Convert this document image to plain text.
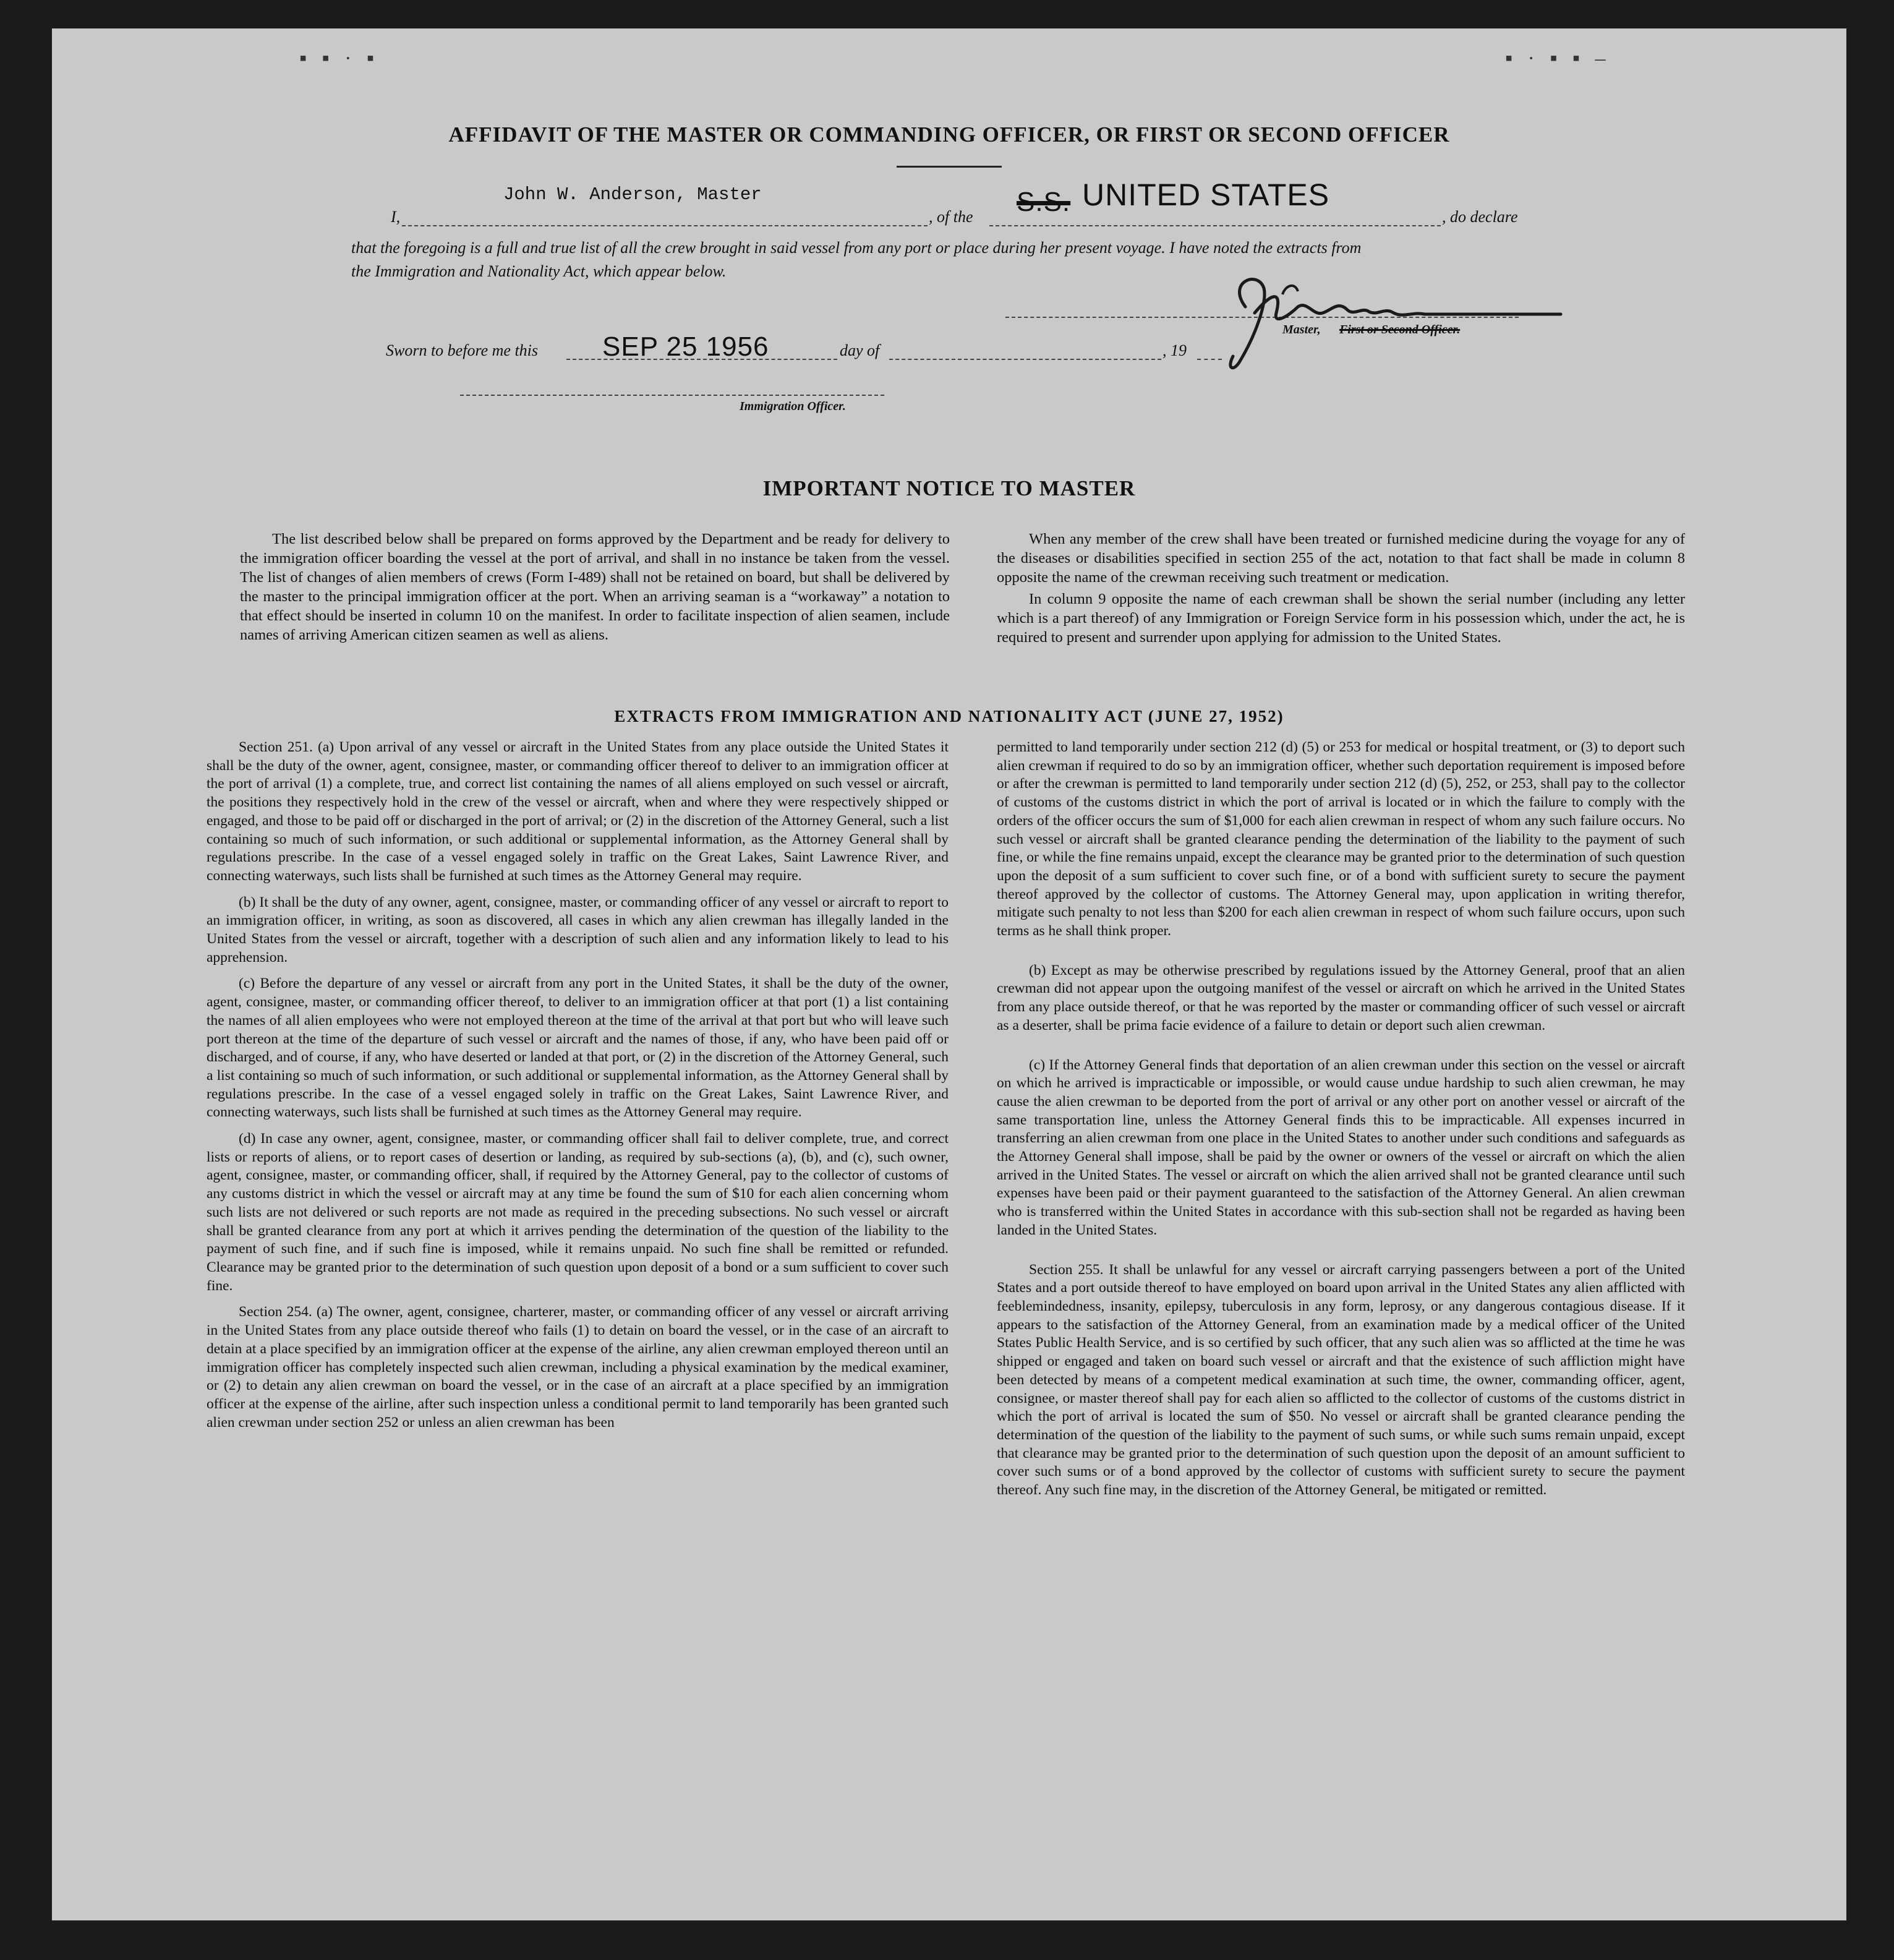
▪ ▪ · ▪	▪ · ▪ ▪ –
AFFIDAVIT OF THE MASTER OR COMMANDING OFFICER, OR FIRST OR SECOND OFFICER
I,
John W. Anderson, Master
, of the S.S. UNITED STATES
, do declare
that the foregoing is a full and true list of all the crew brought in said vessel from any port or place during her present voyage. I have noted the extracts from
the Immigration and Nationality Act, which appear below.
Master, First or Second Officer.
Sworn to before me this SEP 25 1956	day of	, 19
Immigration Officer.
IMPORTANT NOTICE TO MASTER

The list described below shall be prepared on forms approved by the Department and be ready for delivery to the immigration officer boarding the vessel at the port of arrival, and shall in no instance be taken from the vessel. The list of changes of alien members of crews (Form I-489) shall not be retained on board, but shall be delivered by the master to the principal immigration officer at the port. When an arriving seaman is a “workaway” a notation to that effect should be inserted in column 10 on the manifest. In order to facilitate inspection of alien seamen, include names of arriving American citizen seamen as well as aliens.

When any member of the crew shall have been treated or furnished medicine during the voyage for any of the diseases or disabilities specified in section 255 of the act, notation to that fact shall be made in column 8 opposite the name of the crewman receiving such treatment or medication.

In column 9 opposite the name of each crewman shall be shown the serial number (including any letter which is a part thereof) of any Immigration or Foreign Service form in his possession which, under the act, he is required to present and surrender upon applying for admission to the United States.

EXTRACTS FROM IMMIGRATION AND NATIONALITY ACT (JUNE 27, 1952)

Section 251. (a) Upon arrival of any vessel or aircraft in the United States from any place outside the United States it shall be the duty of the owner, agent, consignee, master, or commanding officer thereof to deliver to an immigration officer at the port of arrival (1) a complete, true, and correct list containing the names of all aliens employed on such vessel or aircraft, the positions they respectively hold in the crew of the vessel or aircraft, when and where they were respectively shipped or engaged, and those to be paid off or discharged in the port of arrival; or (2) in the discretion of the Attorney General, such a list containing so much of such information, or such additional or supplemental information, as the Attorney General shall by regulations prescribe. In the case of a vessel engaged solely in traffic on the Great Lakes, Saint Lawrence River, and connecting waterways, such lists shall be furnished at such times as the Attorney General may require.

(b) It shall be the duty of any owner, agent, consignee, master, or commanding officer of any vessel or aircraft to report to an immigration officer, in writing, as soon as discovered, all cases in which any alien crewman has illegally landed in the United States from the vessel or aircraft, together with a description of such alien and any information likely to lead to his apprehension.

(c) Before the departure of any vessel or aircraft from any port in the United States, it shall be the duty of the owner, agent, consignee, master, or commanding officer thereof, to deliver to an immigration officer at that port (1) a list containing the names of all alien employees who were not employed thereon at the time of the arrival at that port but who will leave such port thereon at the time of the departure of such vessel or aircraft and the names of those, if any, who have been paid off or discharged, and of course, if any, who have deserted or landed at that port, or (2) in the discretion of the Attorney General, such a list containing so much of such information, or such additional or supplemental information, as the Attorney General shall by regulations prescribe. In the case of a vessel engaged solely in traffic on the Great Lakes, Saint Lawrence River, and connecting waterways, such lists shall be furnished at such times as the Attorney General may require.

(d) In case any owner, agent, consignee, master, or commanding officer shall fail to deliver complete, true, and correct lists or reports of aliens, or to report cases of desertion or landing, as required by sub-sections (a), (b), and (c), such owner, agent, consignee, master, or commanding officer, shall, if required by the Attorney General, pay to the collector of customs of any customs district in which the vessel or aircraft may at any time be found the sum of $10 for each alien concerning whom such lists are not delivered or such reports are not made as required in the preceding subsections. No such vessel or aircraft shall be granted clearance from any port at which it arrives pending the determination of the question of the liability to the payment of such fine, and if such fine is imposed, while it remains unpaid. No such fine shall be remitted or refunded. Clearance may be granted prior to the determination of such question upon deposit of a bond or a sum sufficient to cover such fine.

Section 254. (a) The owner, agent, consignee, charterer, master, or commanding officer of any vessel or aircraft arriving in the United States from any place outside thereof who fails (1) to detain on board the vessel, or in the case of an aircraft to detain at a place specified by an immigration officer at the expense of the airline, any alien crewman employed thereon until an immigration officer has completely inspected such alien crewman, including a physical examination by the medical examiner, or (2) to detain any alien crewman on board the vessel, or in the case of an aircraft at a place specified by an immigration officer at the expense of the airline, after such inspection unless a conditional permit to land temporarily has been granted such alien crewman under section 252 or unless an alien crewman has been

permitted to land temporarily under section 212 (d) (5) or 253 for medical or hospital treatment, or (3) to deport such alien crewman if required to do so by an immigration officer, whether such deportation requirement is imposed before or after the crewman is permitted to land temporarily under section 212 (d) (5), 252, or 253, shall pay to the collector of customs of the customs district in which the port of arrival is located or in which the failure to comply with the orders of the officer occurs the sum of $1,000 for each alien crewman in respect of whom any such failure occurs. No such vessel or aircraft shall be granted clearance pending the determination of the liability to the payment of such fine, or while the fine remains unpaid, except the clearance may be granted prior to the determination of such question upon the deposit of a sum sufficient to cover such fine, or of a bond with sufficient surety to secure the payment thereof approved by the collector of customs. The Attorney General may, upon application in writing therefor, mitigate such penalty to not less than $200 for each alien crewman in respect of whom such failure occurs, upon such terms as he shall think proper.

(b) Except as may be otherwise prescribed by regulations issued by the Attorney General, proof that an alien crewman did not appear upon the outgoing manifest of the vessel or aircraft on which he arrived in the United States from any place outside thereof, or that he was reported by the master or commanding officer of such vessel or aircraft as a deserter, shall be prima facie evidence of a failure to detain or deport such alien crewman.

(c) If the Attorney General finds that deportation of an alien crewman under this section on the vessel or aircraft on which he arrived is impracticable or impossible, or would cause undue hardship to such alien crewman, he may cause the alien crewman to be deported from the port of arrival or any other port on another vessel or aircraft of the same transportation line, unless the Attorney General finds this to be impracticable. All expenses incurred in transferring an alien crewman from one place in the United States to another under such conditions and safeguards as the Attorney General shall impose, shall be paid by the owner or owners of the vessel or aircraft on which the alien arrived in the United States. The vessel or aircraft on which the alien arrived shall not be granted clearance until such expenses have been paid or their payment guaranteed to the satisfaction of the Attorney General. An alien crewman who is transferred within the United States in accordance with this sub-section shall not be regarded as having been landed in the United States.

Section 255. It shall be unlawful for any vessel or aircraft carrying passengers between a port of the United States and a port outside thereof to have employed on board upon arrival in the United States any alien afflicted with feeblemindedness, insanity, epilepsy, tuberculosis in any form, leprosy, or any dangerous contagious disease. If it appears to the satisfaction of the Attorney General, from an examination made by a medical officer of the United States Public Health Service, and is so certified by such officer, that any such alien was so afflicted at the time he was shipped or engaged and taken on board such vessel or aircraft and that the existence of such affliction might have been detected by means of a competent medical examination at such time, the owner, commanding officer, agent, consignee, or master thereof shall pay for each alien so afflicted to the collector of customs of the customs district in which the port of arrival is located the sum of $50. No vessel or aircraft shall be granted clearance pending the determination of the question of the liability to the payment of such sums, or while such sums remain unpaid, except that clearance may be granted prior to the determination of such question upon the deposit of an amount sufficient to cover such sums or of a bond approved by the collector of customs with sufficient surety to secure the payment thereof. Any such fine may, in the discretion of the Attorney General, be mitigated or remitted.
